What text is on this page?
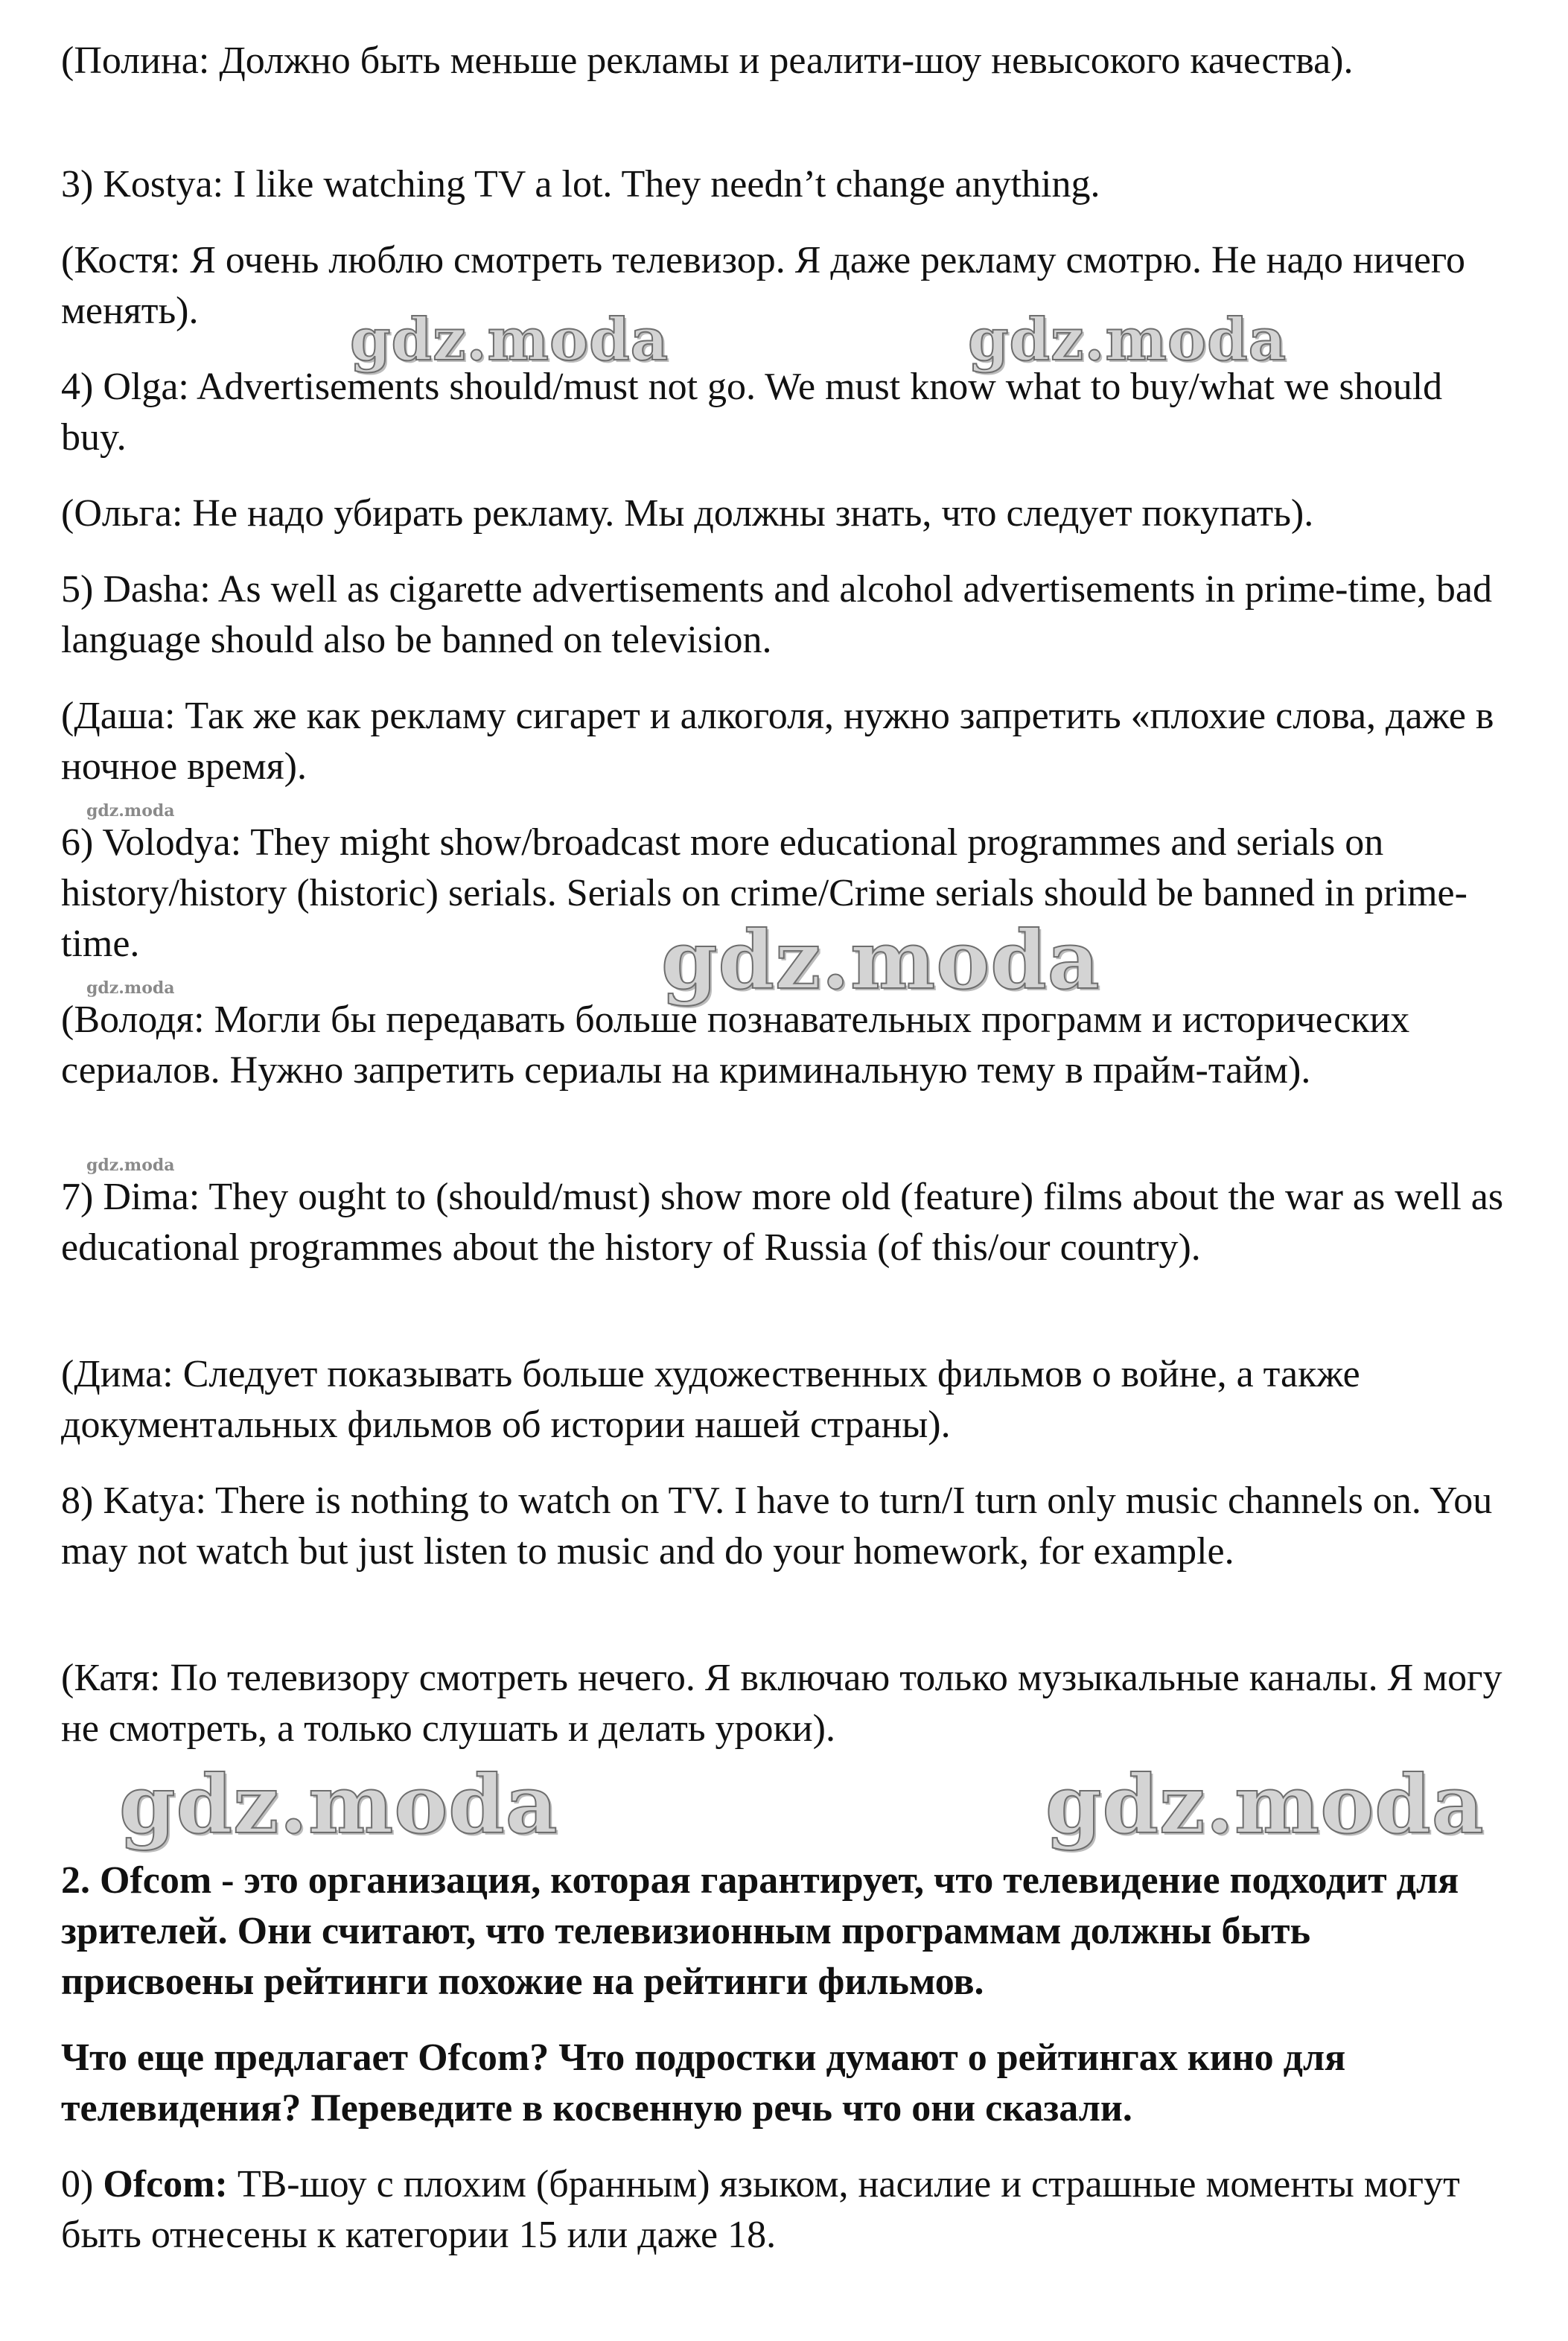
(Полина: Должно быть меньше рекламы и реалити-шоу невысокого качества).

3) Kostya: I like watching TV a lot. They needn’t change anything.

(Костя: Я очень люблю смотреть телевизор. Я даже рекламу смотрю. Не надо ничего менять).

4) Olga: Advertisements should/must not go. We must know what to buy/what we should buy.

(Ольга: Не надо убирать рекламу. Мы должны знать, что следует покупать).

5) Dasha: As well as cigarette advertisements and alcohol advertisements in prime-time, bad language should also be banned on television.

(Даша: Так же как рекламу сигарет и алкоголя, нужно запретить «плохие слова, даже в ночное время).

6) Volodya: They might show/broadcast more educational programmes and serials on history/history (historic) serials. Serials on crime/Crime serials should be banned in prime-time.

(Володя: Могли бы передавать больше познавательных программ и исторических сериалов. Нужно запретить сериалы на криминальную тему в прайм-тайм).

7) Dima: They ought to (should/must) show more old (feature) films about the war as well as educational programmes about the history of Russia (of this/our country).

(Дима: Следует показывать больше художественных фильмов о войне, а также документальных фильмов об истории нашей страны).

8) Katya: There is nothing to watch on TV. I have to turn/I turn only music channels on. You may not watch but just listen to music and do your homework, for example.

(Катя: По телевизору смотреть нечего. Я включаю только музыкальные каналы. Я могу не смотреть, а только слушать и делать уроки).

2. Ofcom - это организация, которая гарантирует, что телевидение подходит для зрителей. Они считают, что телевизионным программам должны быть присвоены рейтинги похожие на рейтинги фильмов.

Что еще предлагает Ofcom? Что подростки думают о рейтингах кино для телевидения? Переведите в косвенную речь что они сказали.

0) Ofcom: ТВ-шоу с плохим (бранным) языком, насилие и страшные моменты могут быть отнесены к категории 15 или даже 18.

gdz.moda	gdz.moda
gdz.moda
gdz.moda	gdz.moda
gdz.moda
gdz.moda
gdz.moda
